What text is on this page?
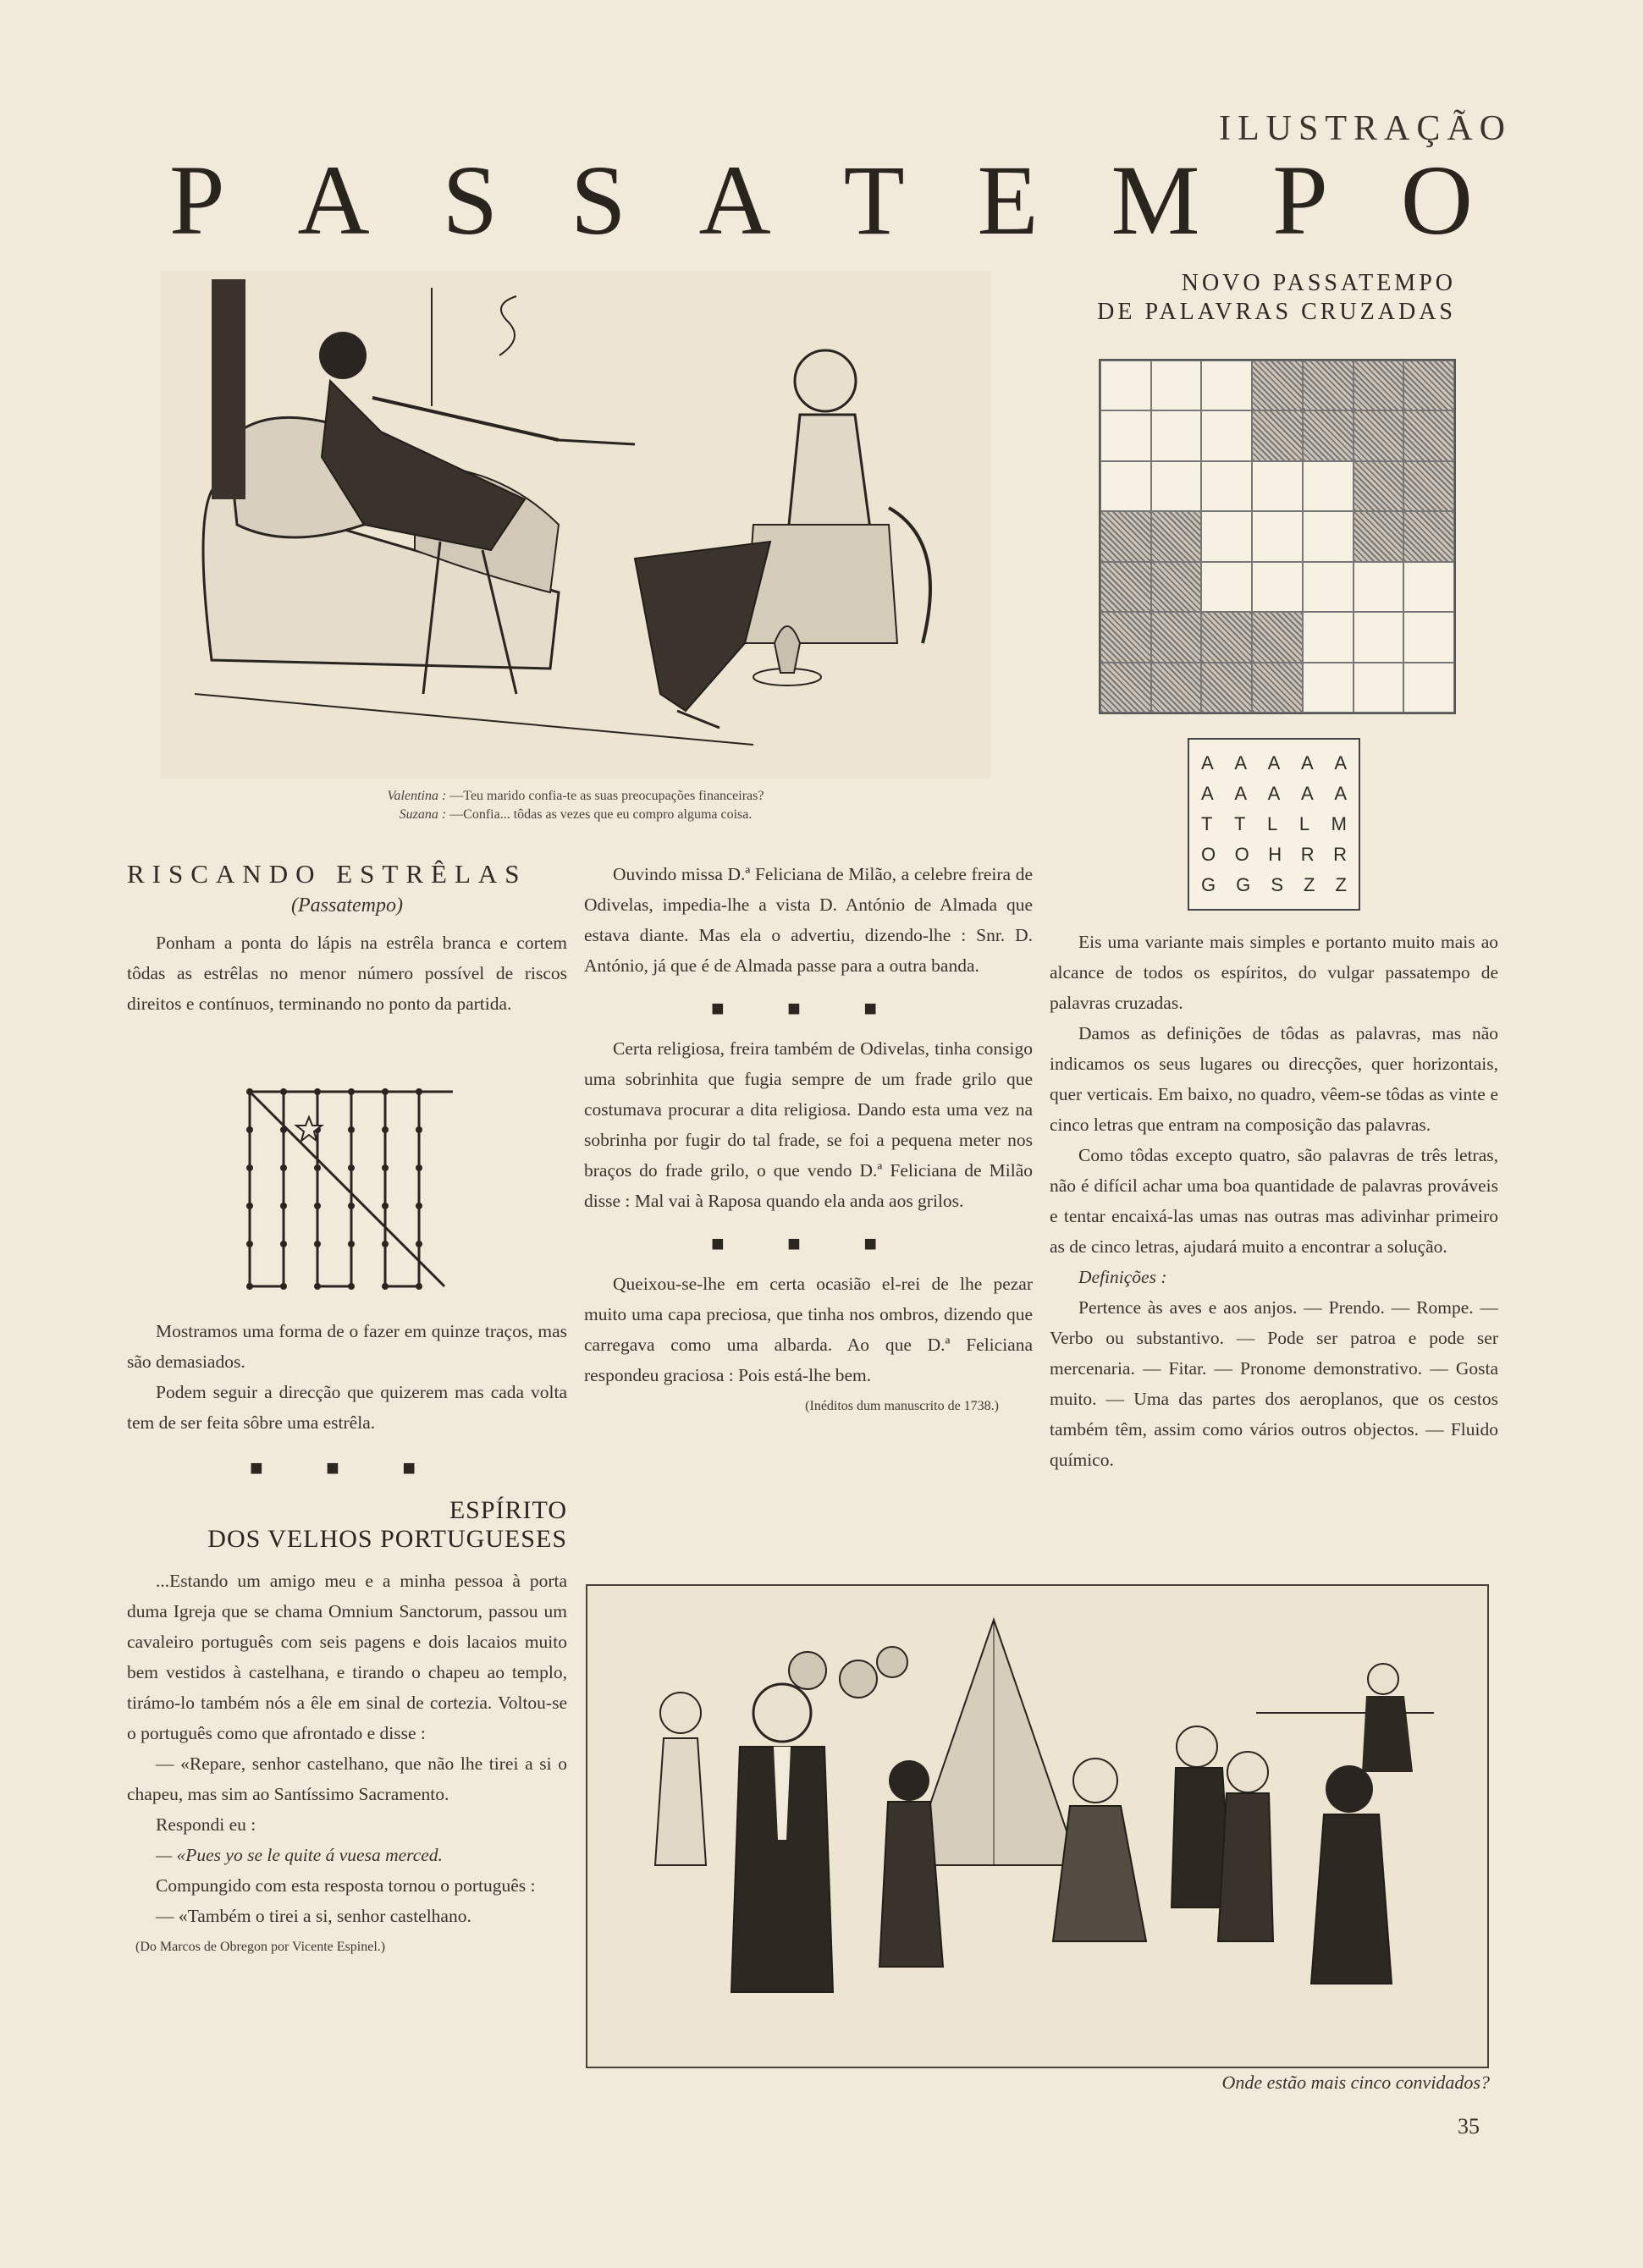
ILUSTRAÇÃO
P A S S A T E M P O
Valentina : —Teu marido confia-te as suas preocupações financeiras?
Suzana : —Confia... tôdas as vezes que eu compro alguma coisa.
NOVO PASSATEMPO
DE PALAVRAS CRUZADAS
A A A A A
A A A A A
T T L L M
O O H R R
G G S Z Z
RISCANDO ESTRÊLAS
(Passatempo)

Ponham a ponta do lápis na estrêla branca e cortem tôdas as estrêlas no menor número possível de riscos direitos e contínuos, terminando no ponto da partida.

Mostramos uma forma de o fazer em quinze traços, mas são demasiados.

Podem seguir a direcção que quizerem mas cada volta tem de ser feita sôbre uma estrêla.

■ ■ ■
ESPÍRITO
DOS VELHOS PORTUGUESES

...Estando um amigo meu e a minha pessoa à porta duma Igreja que se chama Omnium Sanctorum, passou um cavaleiro português com seis pagens e dois lacaios muito bem vestidos à castelhana, e tirando o chapeu ao templo, tirámo-lo também nós a êle em sinal de cortezia. Voltou-se o português como que afrontado e disse :

— «Repare, senhor castelhano, que não lhe tirei a si o chapeu, mas sim ao Santíssimo Sacramento.

Respondi eu :

— «Pues yo se le quite á vuesa merced.

Compungido com esta resposta tornou o português :

— «Também o tirei a si, senhor castelhano.

(Do Marcos de Obregon por Vicente Espinel.)

Ouvindo missa D.ª Feliciana de Milão, a celebre freira de Odivelas, impedia-lhe a vista D. António de Almada que estava diante. Mas ela o advertiu, dizendo-lhe : Snr. D. António, já que é de Almada passe para a outra banda.

■ ■ ■

Certa religiosa, freira também de Odivelas, tinha consigo uma sobrinhita que fugia sempre de um frade grilo que costumava procurar a dita religiosa. Dando esta uma vez na sobrinha por fugir do tal frade, se foi a pequena meter nos braços do frade grilo, o que vendo D.ª Feliciana de Milão disse : Mal vai à Raposa quando ela anda aos grilos.

■ ■ ■

Queixou-se-lhe em certa ocasião el-rei de lhe pezar muito uma capa preciosa, que tinha nos ombros, dizendo que carregava como uma albarda. Ao que D.ª Feliciana respondeu graciosa : Pois está-lhe bem.

(Inéditos dum manuscrito de 1738.)

Eis uma variante mais simples e portanto muito mais ao alcance de todos os espíritos, do vulgar passatempo de palavras cruzadas.

Damos as definições de tôdas as palavras, mas não indicamos os seus lugares ou direcções, quer horizontais, quer verticais. Em baixo, no quadro, vêem-se tôdas as vinte e cinco letras que entram na composição das palavras.

Como tôdas excepto quatro, são palavras de três letras, não é difícil achar uma boa quantidade de palavras prováveis e tentar encaixá-las umas nas outras mas adivinhar primeiro as de cinco letras, ajudará muito a encontrar a solução.

Definições :

Pertence às aves e aos anjos. — Prendo. — Rompe. — Verbo ou substantivo. — Pode ser patroa e pode ser mercenaria. — Fitar. — Pronome demonstrativo. — Gosta muito. — Uma das partes dos aeroplanos, que os cestos também têm, assim como vários outros objectos. — Fluido químico.

Onde estão mais cinco convidados?
35
